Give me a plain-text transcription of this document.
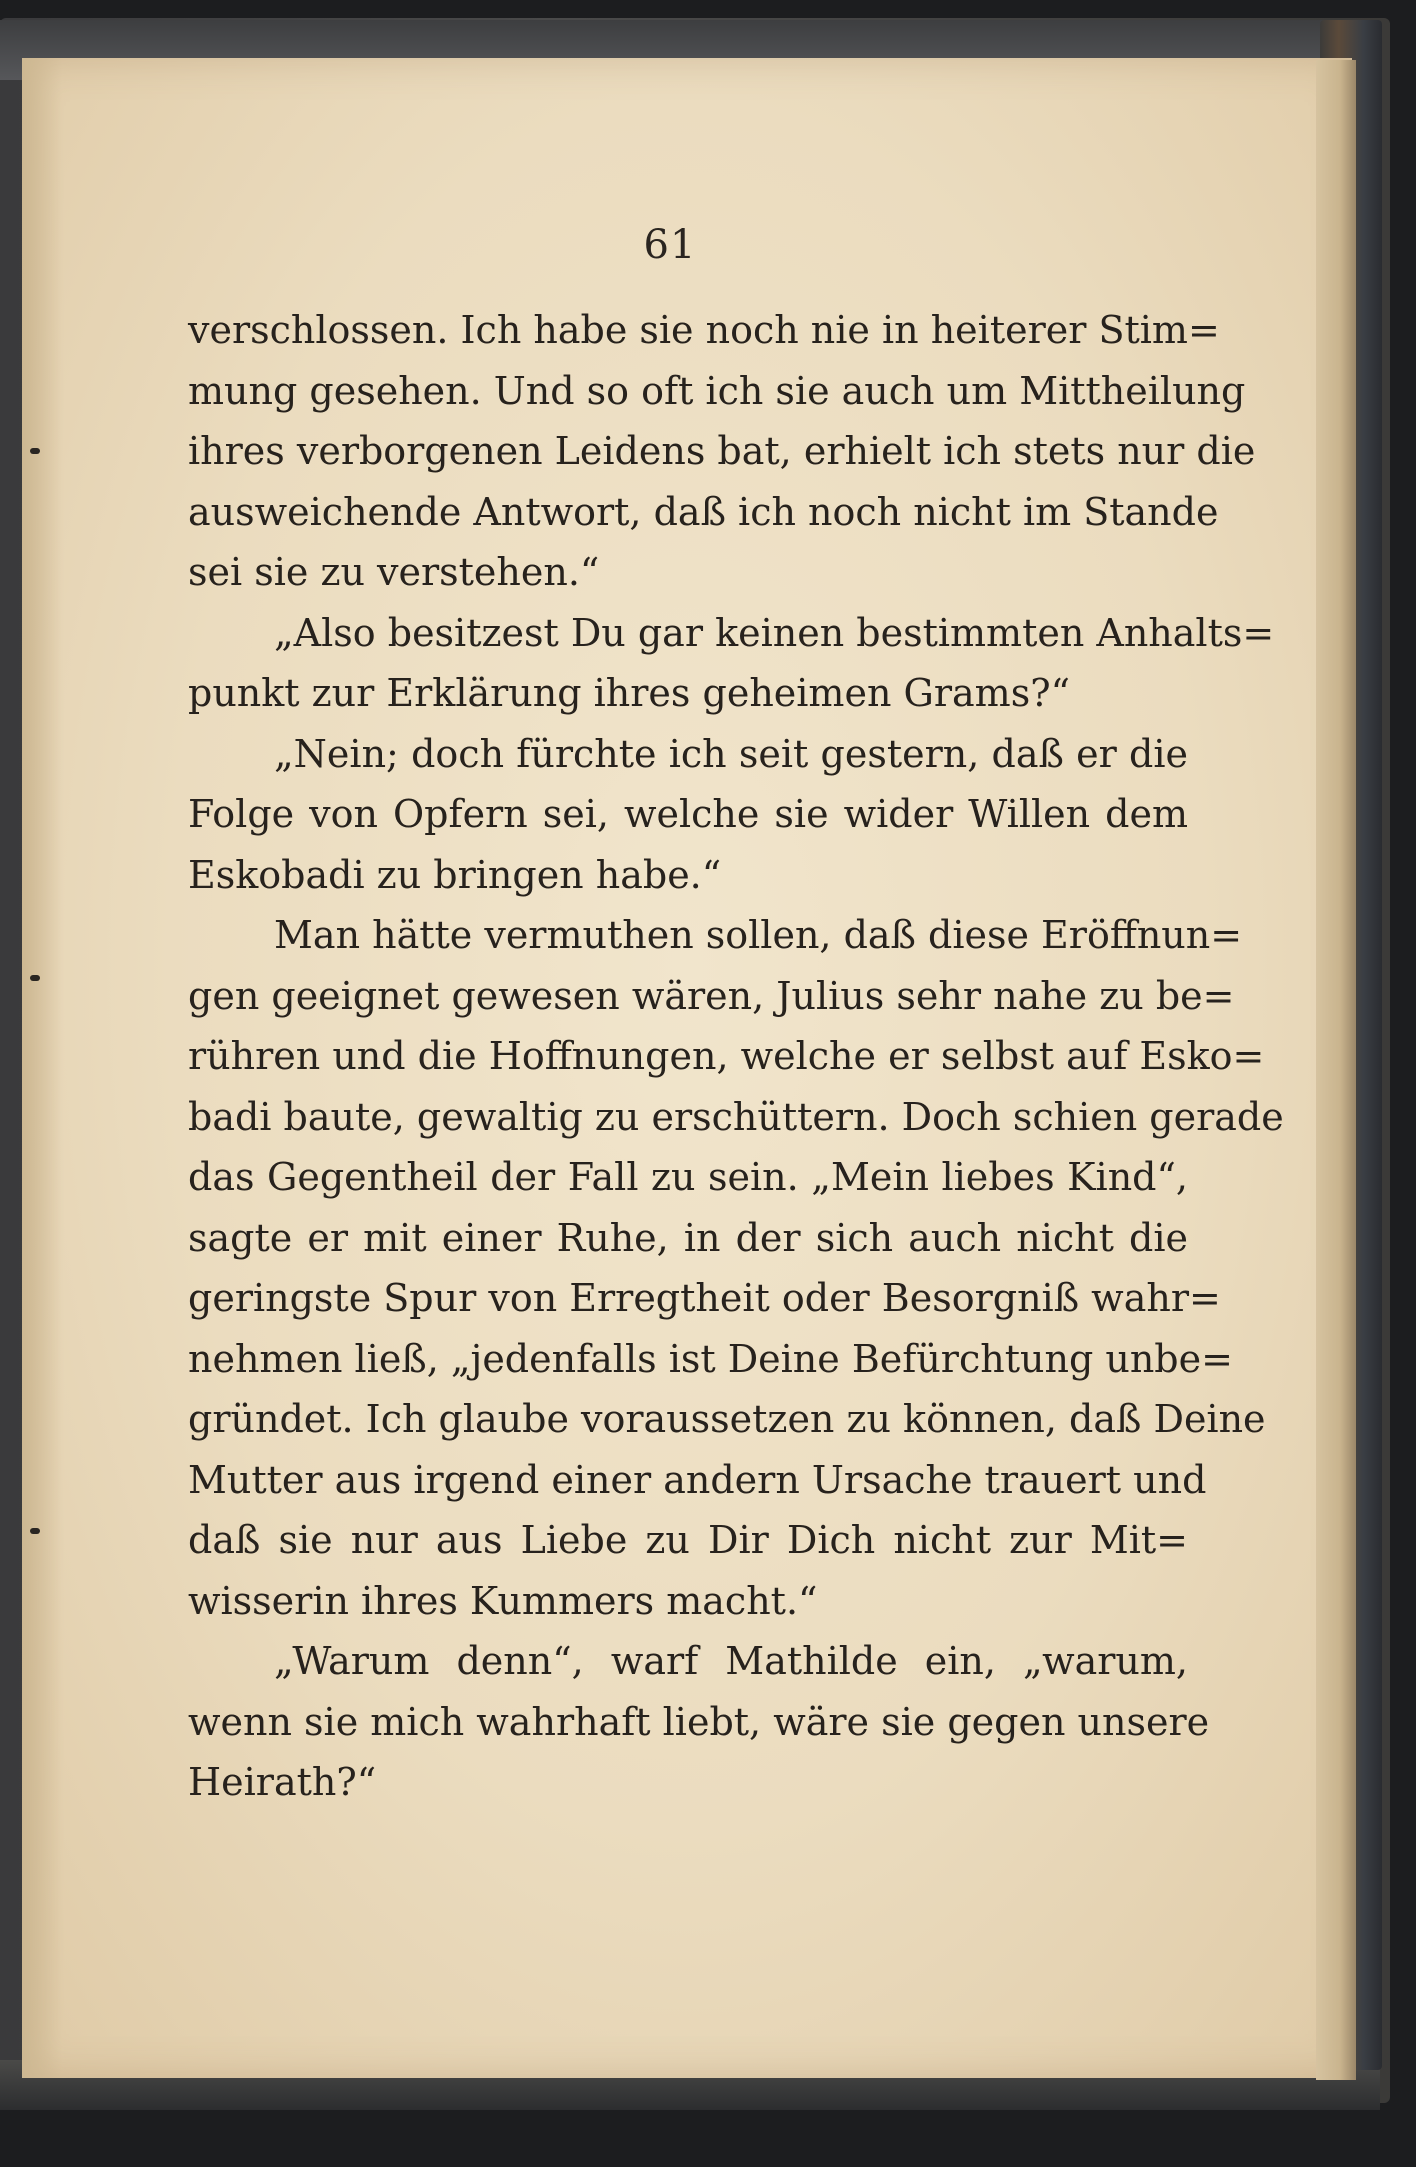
61
verschlossen. Ich habe sie noch nie in heiterer Stim=
mung gesehen. Und so oft ich sie auch um Mittheilung
ihres verborgenen Leidens bat, erhielt ich stets nur die
ausweichende Antwort, daß ich noch nicht im Stande
sei sie zu verstehen.“
„Also besitzest Du gar keinen bestimmten Anhalts=
punkt zur Erklärung ihres geheimen Grams?“
„Nein; doch fürchte ich seit gestern, daß er die
Folge von Opfern sei, welche sie wider Willen dem
Eskobadi zu bringen habe.“
Man hätte vermuthen sollen, daß diese Eröffnun=
gen geeignet gewesen wären, Julius sehr nahe zu be=
rühren und die Hoffnungen, welche er selbst auf Esko=
badi baute, gewaltig zu erschüttern. Doch schien gerade
das Gegentheil der Fall zu sein. „Mein liebes Kind“,
sagte er mit einer Ruhe, in der sich auch nicht die
geringste Spur von Erregtheit oder Besorgniß wahr=
nehmen ließ, „jedenfalls ist Deine Befürchtung unbe=
gründet. Ich glaube voraussetzen zu können, daß Deine
Mutter aus irgend einer andern Ursache trauert und
daß sie nur aus Liebe zu Dir Dich nicht zur Mit=
wisserin ihres Kummers macht.“
„Warum denn“, warf Mathilde ein, „warum,
wenn sie mich wahrhaft liebt, wäre sie gegen unsere
Heirath?“
